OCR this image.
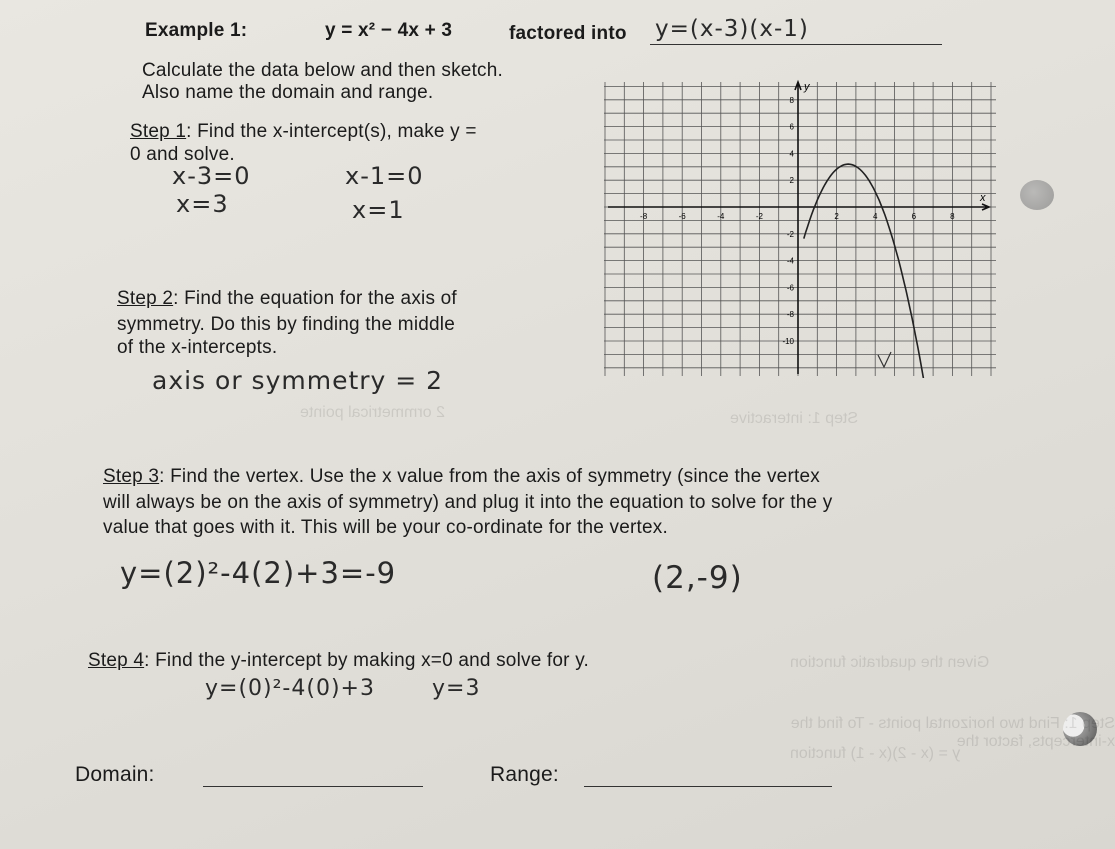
Example 1:	y = x² − 4x + 3	factored into y=(x-3)(x-1)
Calculate the data below and then sketch.
Also name the domain and range.
Step 1: Find the x-intercept(s), make y =
0 and solve.
x-3=0
x=3
x-1=0
x=1
Step 2: Find the equation for the axis of
symmetry. Do this by finding the middle
of the x-intercepts.
axis or symmetry = 2
-8	-6	-4	-2	2	4	6	8
8
6
4
2
-2
-4
-6
-8
-10
x
y
2 ormmetrical pointe	Step 1: interactive
Given the quadratic function
Step 1: Find two horizontal points - To find the x-intercepts, factor the
y = (x - 2)(x - 1) function
Step 3: Find the vertex. Use the x value from the axis of symmetry (since the vertex
will always be on the axis of symmetry) and plug it into the equation to solve for the y
value that goes with it. This will be your co-ordinate for the vertex.
y=(2)²-4(2)+3=-9	(2,-9)
Step 4: Find the y-intercept by making x=0 and solve for y.
y=(0)²-4(0)+3	y=3
Domain:	Range:
